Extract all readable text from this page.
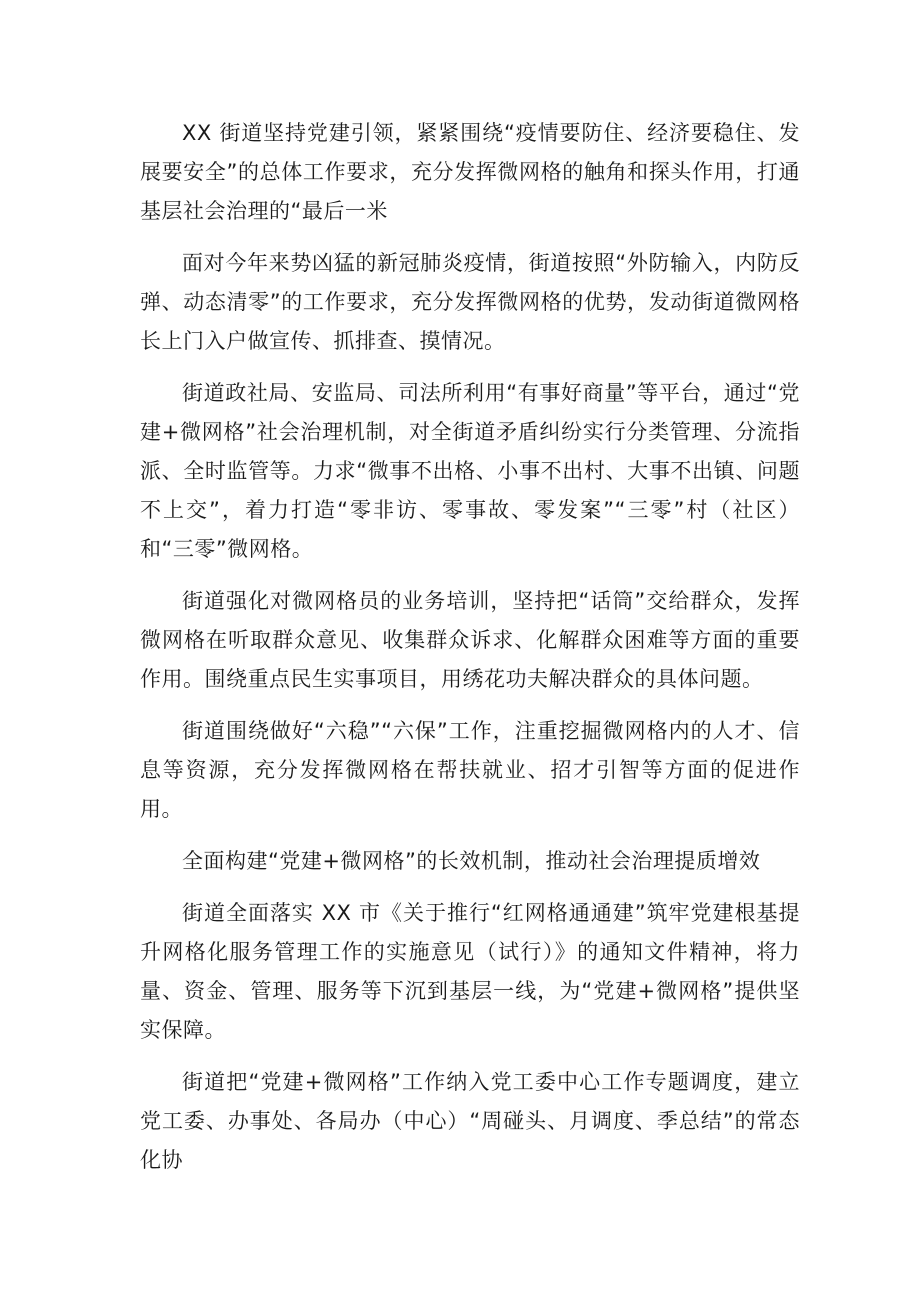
XX 街道坚持党建引领，紧紧围绕“疫情要防住、经济要稳住、发展要安全”的总体工作要求，充分发挥微网格的触角和探头作用，打通基层社会治理的“最后一米

面对今年来势凶猛的新冠肺炎疫情，街道按照“外防输入，内防反弹、动态清零”的工作要求，充分发挥微网格的优势，发动街道微网格长上门入户做宣传、抓排查、摸情况。

街道政社局、安监局、司法所利用“有事好商量”等平台，通过“党建+微网格”社会治理机制，对全街道矛盾纠纷实行分类管理、分流指派、全时监管等。力求“微事不出格、小事不出村、大事不出镇、问题不上交”，着力打造“零非访、零事故、零发案”“三零”村（社区）和“三零”微网格。

街道强化对微网格员的业务培训，坚持把“话筒”交给群众，发挥微网格在听取群众意见、收集群众诉求、化解群众困难等方面的重要作用。围绕重点民生实事项目，用绣花功夫解决群众的具体问题。

街道围绕做好“六稳”“六保”工作，注重挖掘微网格内的人才、信息等资源，充分发挥微网格在帮扶就业、招才引智等方面的促进作用。

全面构建“党建+微网格”的长效机制，推动社会治理提质增效

街道全面落实 XX 市《关于推行“红网格通通建”筑牢党建根基提升网格化服务管理工作的实施意见（试行）》的通知文件精神，将力量、资金、管理、服务等下沉到基层一线，为“党建+微网格”提供坚实保障。

街道把“党建+微网格”工作纳入党工委中心工作专题调度，建立党工委、办事处、各局办（中心）“周碰头、月调度、季总结”的常态化协
